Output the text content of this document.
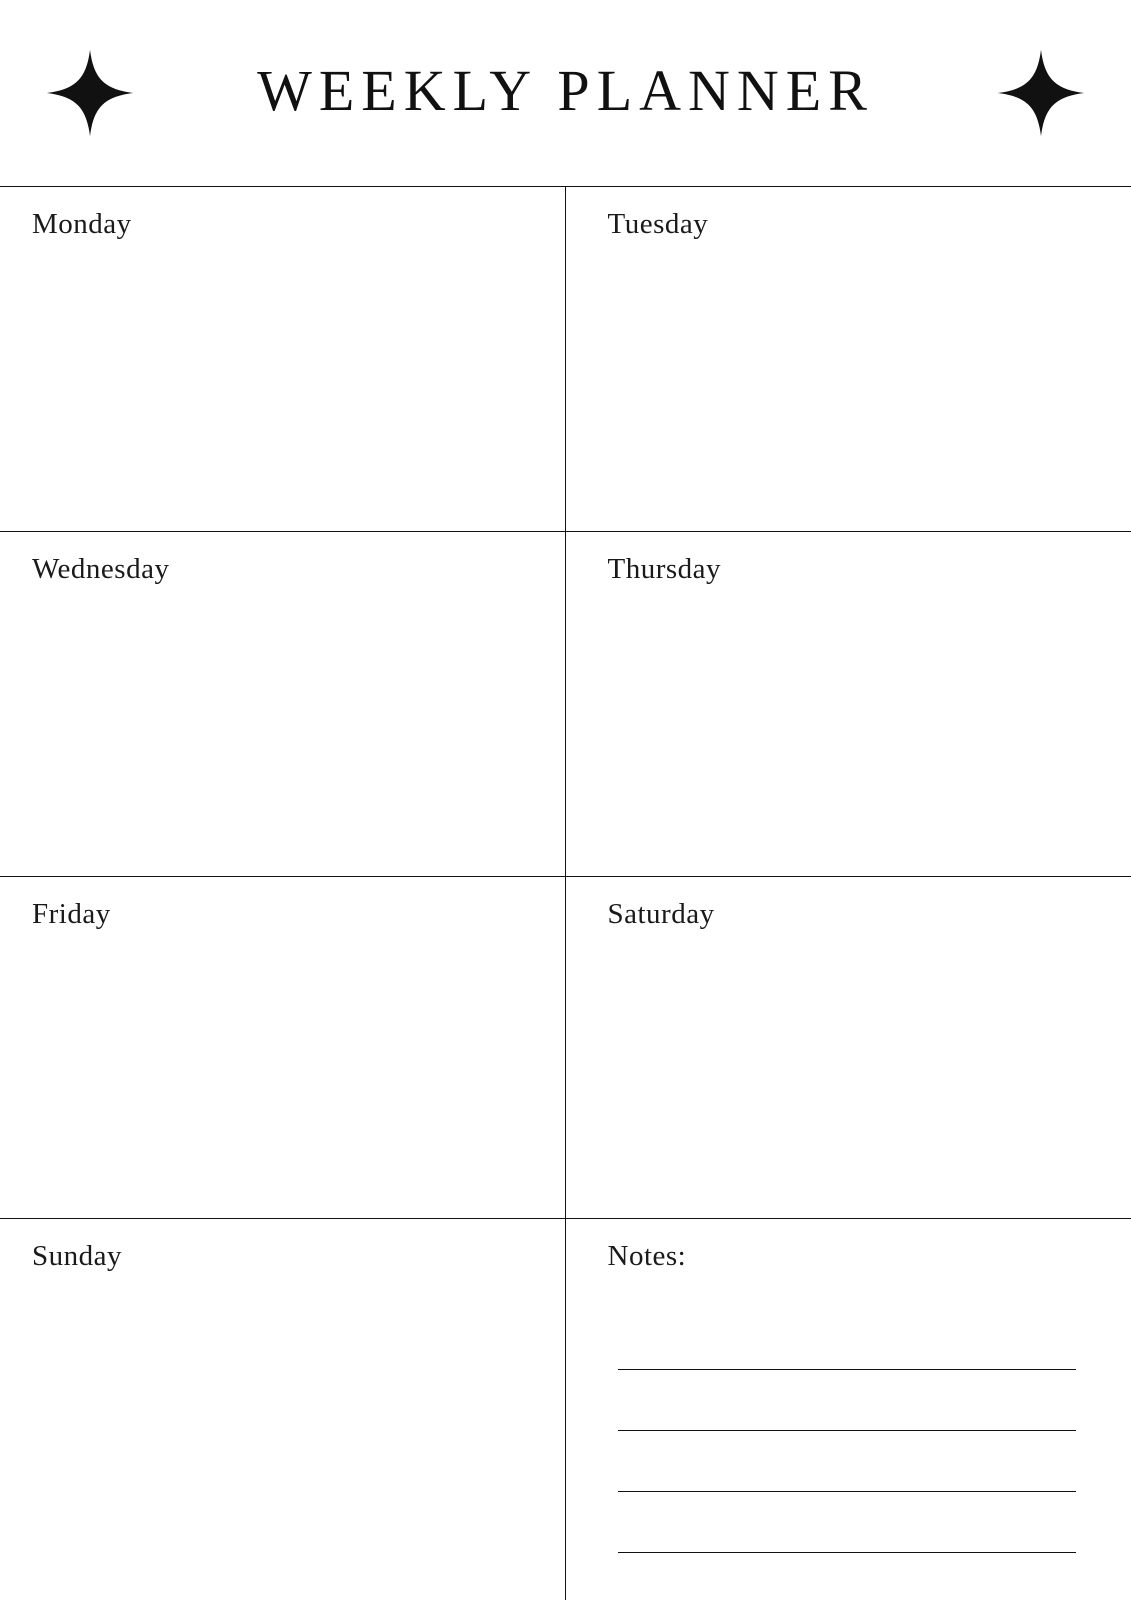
WEEKLY PLANNER
Monday	Tuesday
Wednesday	Thursday
Friday	Saturday
Sunday	Notes:
